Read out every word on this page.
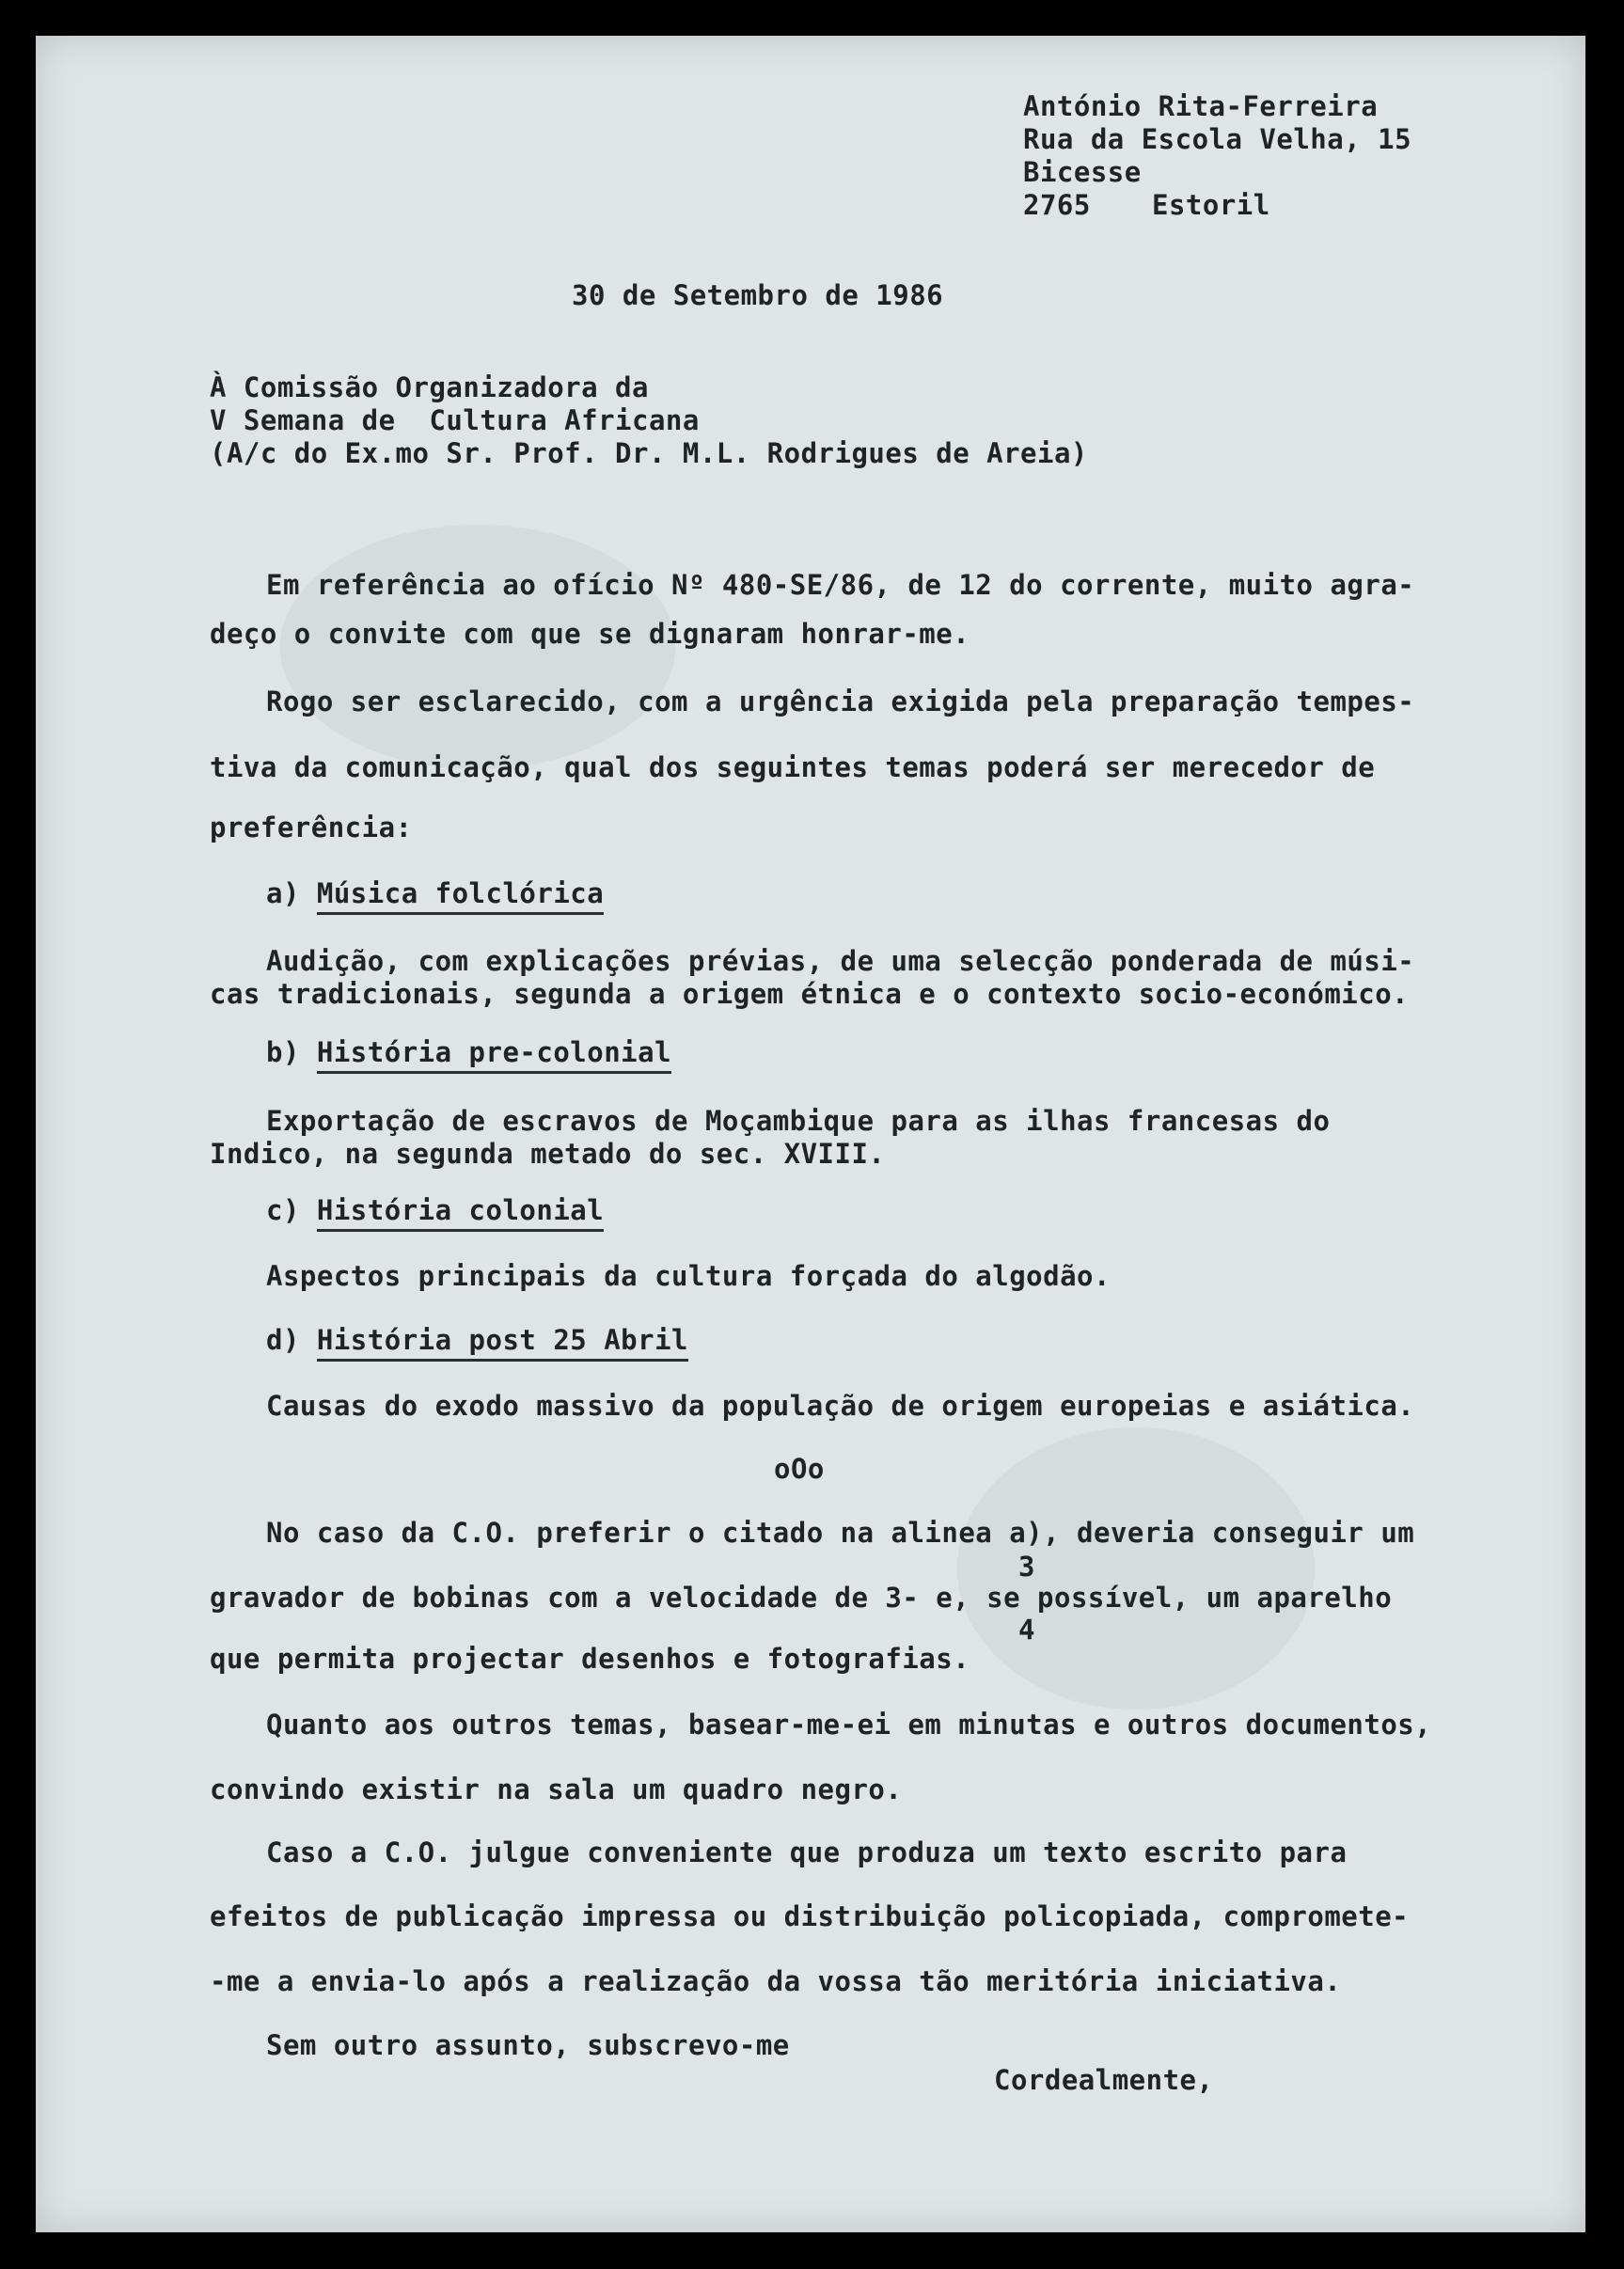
António Rita-Ferreira
Rua da Escola Velha, 15
Bicesse
2765 Estoril
30 de Setembro de 1986
À Comissão Organizadora da
V Semana de  Cultura Africana
(A/c do Ex.mo Sr. Prof. Dr. M.L. Rodrigues de Areia)
Em referência ao ofício Nº 480-SE/86, de 12 do corrente, muito agra-
deço o convite com que se dignaram honrar-me.
Rogo ser esclarecido, com a urgência exigida pela preparação tempes-
tiva da comunicação, qual dos seguintes temas poderá ser merecedor de
preferência:
a) Música folclórica
Audição, com explicações prévias, de uma selecção ponderada de músi-
cas tradicionais, segunda a origem étnica e o contexto socio-económico.
b) História pre-colonial
Exportação de escravos de Moçambique para as ilhas francesas do
Indico, na segunda metado do sec. XVIII.
c) História colonial
Aspectos principais da cultura forçada do algodão.
d) História post 25 Abril
Causas do exodo massivo da população de origem europeias e asiática.
oOo
No caso da C.O. preferir o citado na alinea a), deveria conseguir um
3
gravador de bobinas com a velocidade de 3- e, se possível, um aparelho
4
que permita projectar desenhos e fotografias.
Quanto aos outros temas, basear-me-ei em minutas e outros documentos,
convindo existir na sala um quadro negro.
Caso a C.O. julgue conveniente que produza um texto escrito para
efeitos de publicação impressa ou distribuição policopiada, compromete-
-me a envia-lo após a realização da vossa tão meritória iniciativa.
Sem outro assunto, subscrevo-me
Cordealmente,
